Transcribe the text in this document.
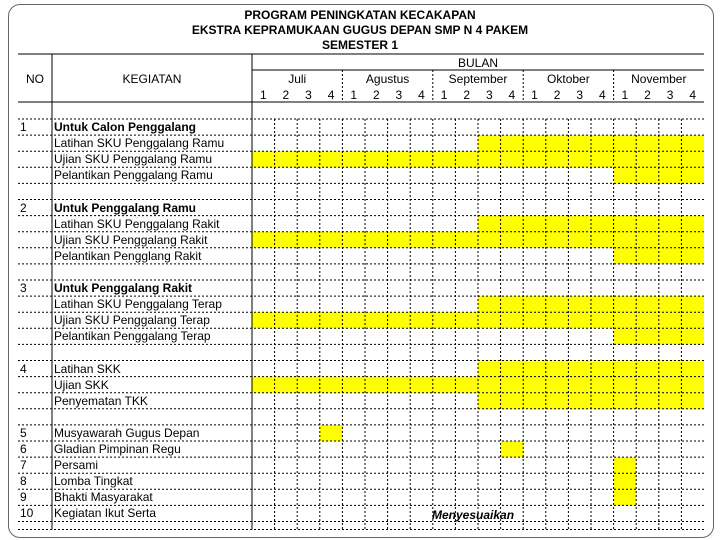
PROGRAM PENINGKATAN KECAKAPAN
EKSTRA KEPRAMUKAAN GUGUS DEPAN SMP N 4 PAKEM
SEMESTER 1
NO	KEGIATAN
BULAN
Juli	Agustus	September	Oktober	November
1	2	3	4	1	2	3	4	1	2	3	4	1	2	3	4	1	2	3	4
1 Untuk Calon Penggalang
Latihan SKU Penggalang Ramu
Ujian SKU Penggalang Ramu
Pelantikan Penggalang Ramu
2 Untuk Penggalang Ramu
Latihan SKU Penggalang Rakit
Ujian SKU Penggalang Rakit
Pelantikan Pengglang Rakit
3 Untuk Penggalang Rakit
Latihan SKU Penggalang Terap
Ujian SKU Penggalang Terap
Pelantikan Penggalang Terap
4 Latihan SKK
Ujian SKK
Penyematan TKK
5 Musyawarah Gugus Depan
6 Gladian Pimpinan Regu
7 Persami
8 Lomba Tingkat
9 Bhakti Masyarakat
10 Kegiatan Ikut Serta	Menyesuaikan
